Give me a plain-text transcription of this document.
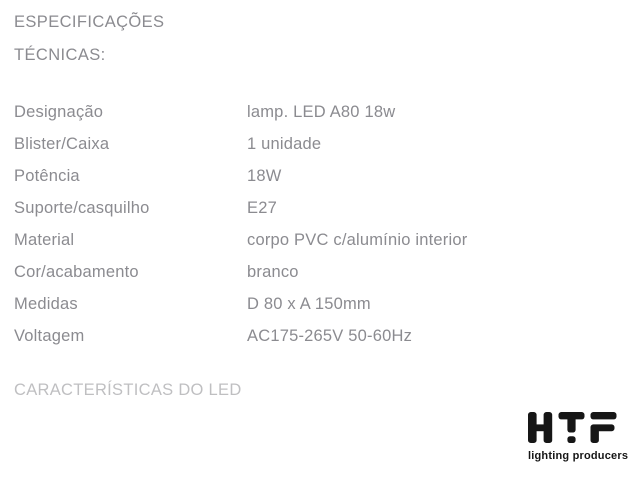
ESPECIFICAÇÕES
TÉCNICAS:
Designação	lamp. LED A80 18w
Blister/Caixa	1 unidade
Potência	18W
Suporte/casquilho	E27
Material	corpo PVC c/alumínio interior
Cor/acabamento	branco
Medidas	D 80 x A 150mm
Voltagem	AC175-265V 50-60Hz
CARACTERÍSTICAS DO LED
lighting producers
